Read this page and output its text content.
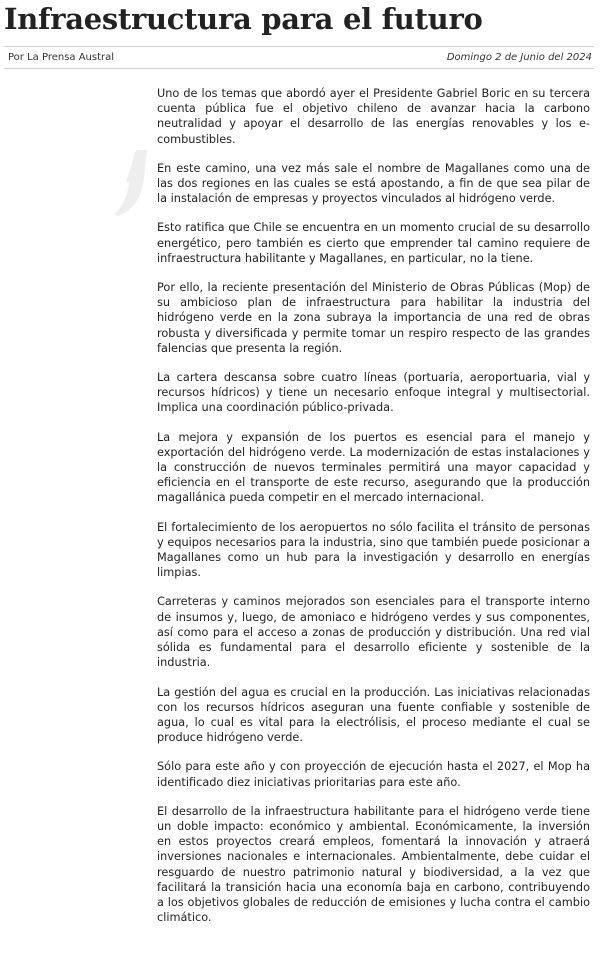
Infraestructura para el futuro
Por La Prensa Austral	Domingo 2 de Junio del 2024

Uno de los temas que abordó ayer el Presidente Gabriel Boric en su tercera cuenta pública fue el objetivo chileno de avanzar hacia la carbono neutralidad y apoyar el desarrollo de las energías renovables y los e-combustibles.

En este camino, una vez más sale el nombre de Magallanes como una de las dos regiones en las cuales se está apostando, a fin de que sea pilar de la instalación de empresas y proyectos vinculados al hidrógeno verde.

Esto ratifica que Chile se encuentra en un momento crucial de su desarrollo energético, pero también es cierto que emprender tal camino requiere de infraestructura habilitante y Magallanes, en particular, no la tiene.

Por ello, la reciente presentación del Ministerio de Obras Públicas (Mop) de su ambicioso plan de infraestructura para habilitar la industria del hidrógeno verde en la zona subraya la importancia de una red de obras robusta y diversificada y permite tomar un respiro respecto de las grandes falencias que presenta la región.

La cartera descansa sobre cuatro líneas (portuaria, aeroportuaria, vial y recursos hídricos) y tiene un necesario enfoque integral y multisectorial. Implica una coordinación público-privada.

La mejora y expansión de los puertos es esencial para el manejo y exportación del hidrógeno verde. La modernización de estas instalaciones y la construcción de nuevos terminales permitirá una mayor capacidad y eficiencia en el transporte de este recurso, asegurando que la producción magallánica pueda competir en el mercado internacional.

El fortalecimiento de los aeropuertos no sólo facilita el tránsito de personas y equipos necesarios para la industria, sino que también puede posicionar a Magallanes como un hub para la investigación y desarrollo en energías limpias.

Carreteras y caminos mejorados son esenciales para el transporte interno de insumos y, luego, de amoniaco e hidrógeno verdes y sus componentes, así como para el acceso a zonas de producción y distribución. Una red vial sólida es fundamental para el desarrollo eficiente y sostenible de la industria.

La gestión del agua es crucial en la producción. Las iniciativas relacionadas con los recursos hídricos aseguran una fuente confiable y sostenible de agua, lo cual es vital para la electrólisis, el proceso mediante el cual se produce hidrógeno verde.

Sólo para este año y con proyección de ejecución hasta el 2027, el Mop ha identificado diez iniciativas prioritarias para este año.

El desarrollo de la infraestructura habilitante para el hidrógeno verde tiene un doble impacto: económico y ambiental. Económicamente, la inversión en estos proyectos creará empleos, fomentará la innovación y atraerá inversiones nacionales e internacionales. Ambientalmente, debe cuidar el resguardo de nuestro patrimonio natural y biodiversidad, a la vez que facilitará la transición hacia una economía baja en carbono, contribuyendo a los objetivos globales de reducción de emisiones y lucha contra el cambio climático.
